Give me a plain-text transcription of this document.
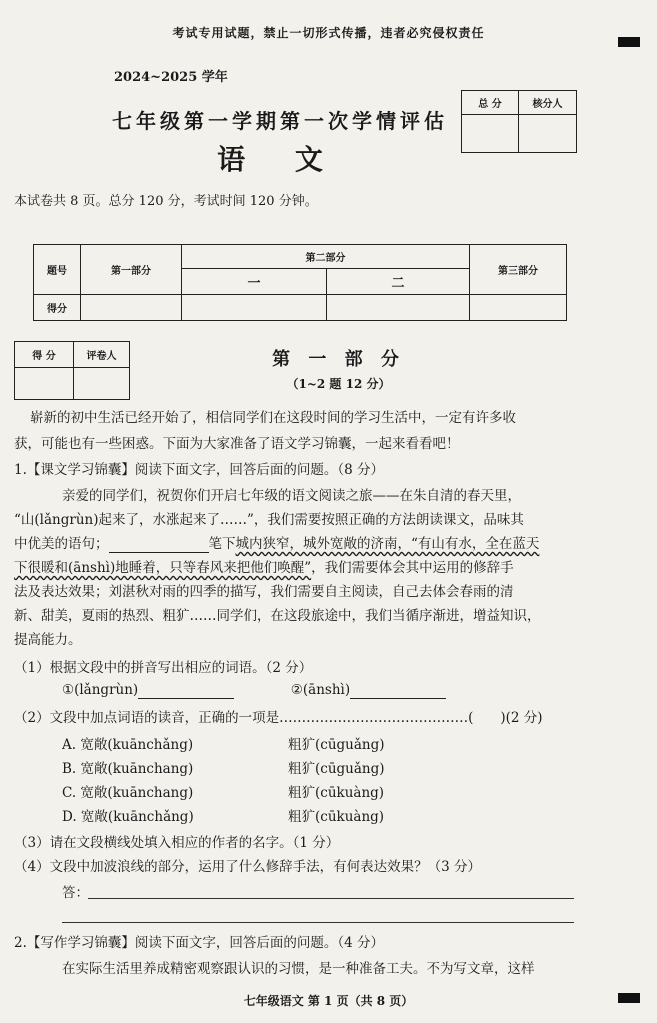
考试专用试题，禁止一切形式传播，违者必究侵权责任
2024~2025 学年
七年级第一学期第一次学情评估
语 文
总 分	核分人

本试卷共 8 页。总分 120 分，考试时间 120 分钟。
题号	第一部分	第二部分		第三部分
		一	二	
得分				
得 分	评卷人
		第 一 部 分
（1~2 题 12 分）
崭新的初中生活已经开始了，相信同学们在这段时间的学习生活中，一定有许多收
获，可能也有一些困惑。下面为大家准备了语文学习锦囊，一起来看看吧！
1.【课文学习锦囊】阅读下面文字，回答后面的问题。（8 分）
亲爱的同学们，祝贺你们开启七年级的语文阅读之旅——在朱自清的春天里，
“山(lǎngrùn)起来了，水涨起来了……”，我们需要按照正确的方法朗读课文，品味其
中优美的语句；	笔下城内狭窄，城外宽敞的济南，“有山有水，全在蓝天
下很暖和(ānshì)地睡着，只等春风来把他们唤醒”，我们需要体会其中运用的修辞手
法及表达效果；刘湛秋对雨的四季的描写，我们需要自主阅读，自己去体会春雨的清
新、甜美，夏雨的热烈、粗犷……同学们，在这段旅途中，我们当循序渐进，增益知识，
提高能力。
（1）根据文段中的拼音写出相应的词语。（2 分）
①(lǎngrùn)	②(ānshì)
（2）文段中加点词语的读音，正确的一项是……………………………………(　　)(2 分)
A. 宽敞(kuānchǎng)	粗犷(cūguǎng)
B. 宽敞(kuānchang)	粗犷(cūguǎng)
C. 宽敞(kuānchang)	粗犷(cūkuàng)
D. 宽敞(kuānchǎng)	粗犷(cūkuàng)
（3）请在文段横线处填入相应的作者的名字。（1 分）
（4）文段中加波浪线的部分，运用了什么修辞手法，有何表达效果？（3 分）
答：
2.【写作学习锦囊】阅读下面文字，回答后面的问题。（4 分）
在实际生活里养成精密观察跟认识的习惯，是一种准备工夫。不为写文章，这样
七年级语文 第 1 页（共 8 页）
